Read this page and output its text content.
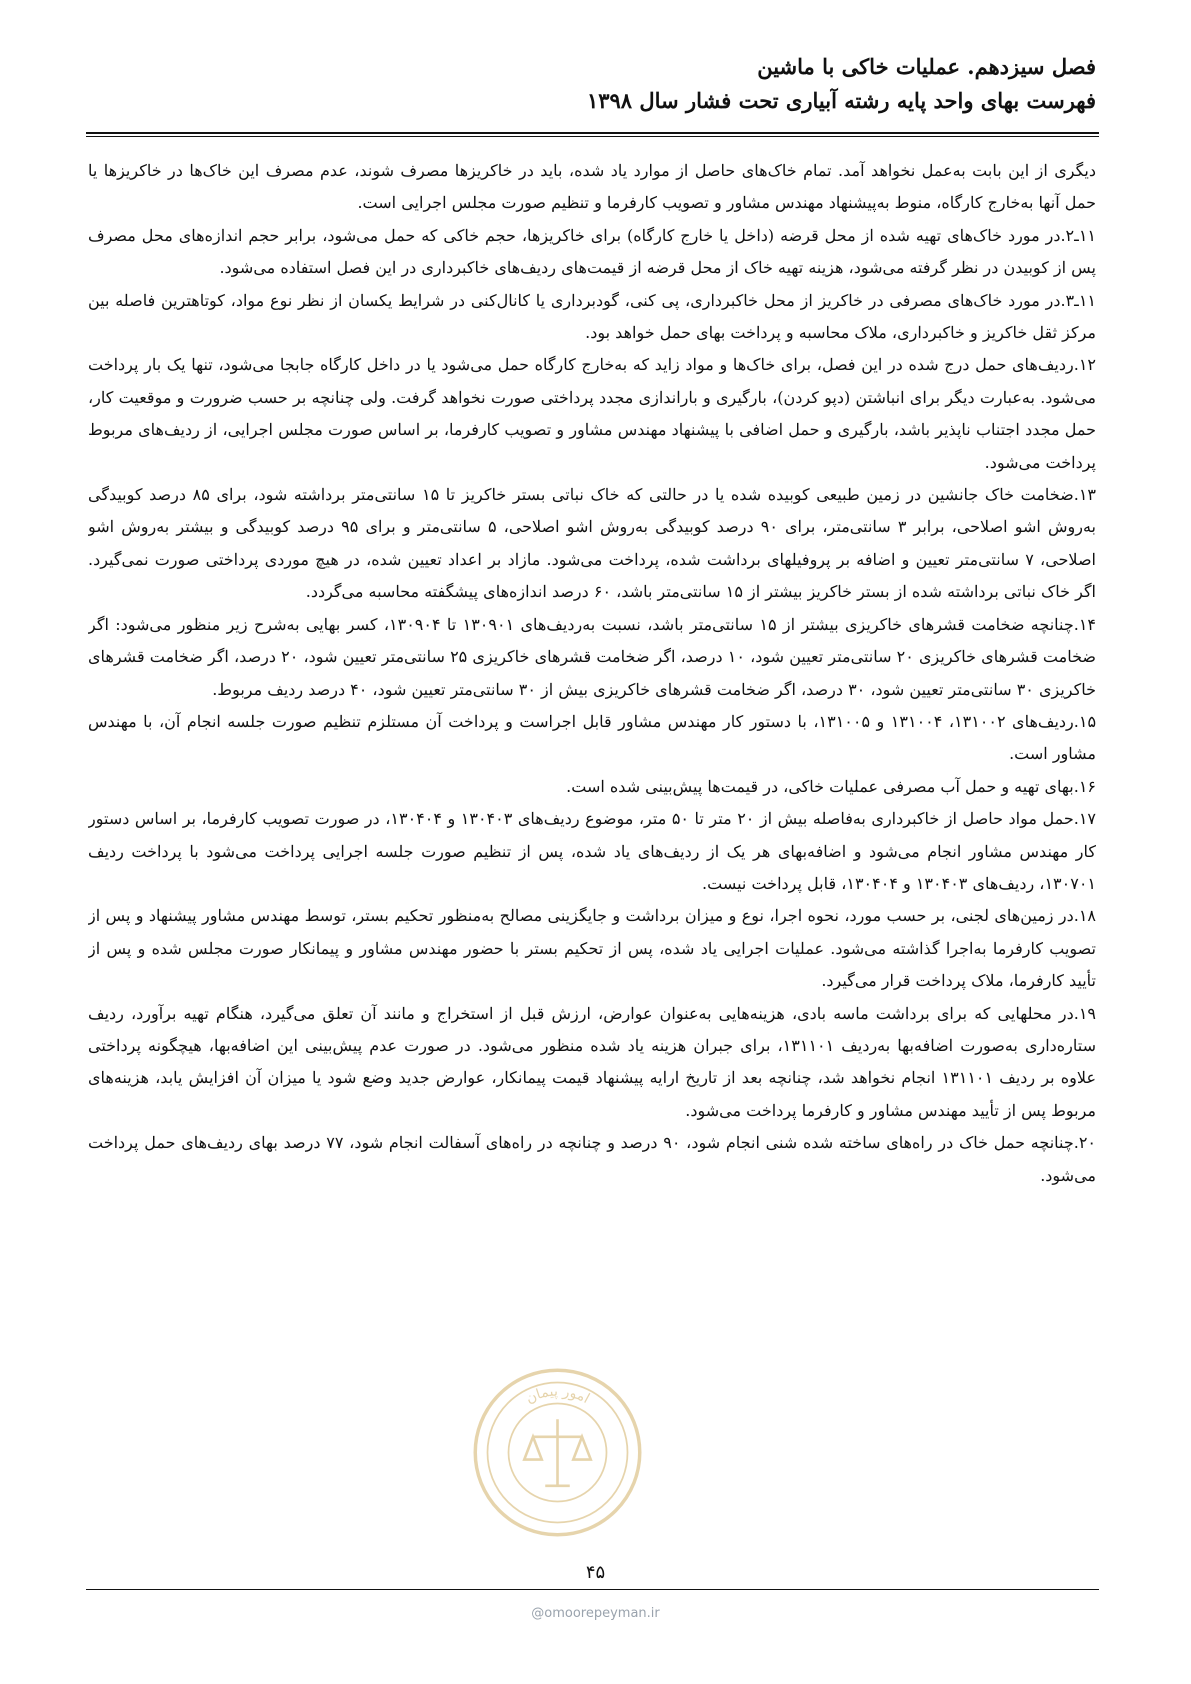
فصل سیزدهم. عملیات خاکی با ماشین

فهرست بهای واحد پایه رشته آبیاری تحت فشار سال ۱۳۹۸

دیگری از این بابت به‌عمل نخواهد آمد. تمام خاک‌های حاصل از موارد یاد شده، باید در خاکریزها مصرف شوند، عدم مصرف این خاک‌ها در خاکریزها یا حمل آنها به‌خارج کارگاه، منوط به‌پیشنهاد مهندس مشاور و تصویب کارفرما و تنظیم صورت مجلس اجرایی است.

۱۱ـ۲.در مورد خاک‌های تهیه شده از محل قرضه (داخل یا خارج کارگاه) برای خاکریزها، حجم خاکی که حمل می‌شود، برابر حجم اندازه‌های محل مصرف پس از کوبیدن در نظر گرفته می‌شود، هزینه تهیه خاک از محل قرضه از قیمت‌های ردیف‌های خاکبرداری در این فصل استفاده می‌شود.

۱۱ـ۳.در مورد خاک‌های مصرفی در خاکریز از محل خاکبرداری، پی کنی، گودبرداری یا کانال‌کنی در شرایط یکسان از نظر نوع مواد، کوتاهترین فاصله بین مرکز ثقل خاکریز و خاکبرداری، ملاک محاسبه و پرداخت بهای حمل خواهد بود.

۱۲.ردیف‌های حمل درج شده در این فصل، برای خاک‌ها و مواد زاید که به‌خارج کارگاه حمل می‌شود یا در داخل کارگاه جابجا می‌شود، تنها یک بار پرداخت می‌شود. به‌عبارت دیگر برای انباشتن (دپو کردن)، بارگیری و باراندازی مجدد پرداختی صورت نخواهد گرفت. ولی چنانچه بر حسب ضرورت و موقعیت کار، حمل مجدد اجتناب ناپذیر باشد، بارگیری و حمل اضافی با پیشنهاد مهندس مشاور و تصویب کارفرما، بر اساس صورت مجلس اجرایی، از ردیف‌های مربوط پرداخت می‌شود.

۱۳.ضخامت خاک جانشین در زمین طبیعی کوبیده شده یا در حالتی که خاک نباتی بستر خاکریز تا ۱۵ سانتی‌متر برداشته شود، برای ۸۵ درصد کوبیدگی به‌روش اشو اصلاحی، برابر ۳ سانتی‌متر، برای ۹۰ درصد کوبیدگی به‌روش اشو اصلاحی، ۵ سانتی‌متر و برای ۹۵ درصد کوبیدگی و بیشتر به‌روش اشو اصلاحی، ۷ سانتی‌متر تعیین و اضافه بر پروفیلهای برداشت شده، پرداخت می‌شود. مازاد بر اعداد تعیین شده، در هیچ موردی پرداختی صورت نمی‌گیرد. اگر خاک نباتی برداشته شده از بستر خاکریز بیشتر از ۱۵ سانتی‌متر باشد، ۶۰ درصد اندازه‌های پیشگفته محاسبه می‌گردد.

۱۴.چنانچه ضخامت قشرهای خاکریزی بیشتر از ۱۵ سانتی‌متر باشد، نسبت به‌ردیف‌های ۱۳۰۹۰۱ تا ۱۳۰۹۰۴، کسر بهایی به‌شرح زیر منظور می‌شود: اگر ضخامت قشرهای خاکریزی ۲۰ سانتی‌متر تعیین شود، ۱۰ درصد، اگر ضخامت قشرهای خاکریزی ۲۵ سانتی‌متر تعیین شود، ۲۰ درصد، اگر ضخامت قشرهای خاکریزی ۳۰ سانتی‌متر تعیین شود، ۳۰ درصد، اگر ضخامت قشرهای خاکریزی بیش از ۳۰ سانتی‌متر تعیین شود، ۴۰ درصد ردیف مربوط.

۱۵.ردیف‌های ۱۳۱۰۰۲، ۱۳۱۰۰۴ و ۱۳۱۰۰۵، با دستور کار مهندس مشاور قابل اجراست و پرداخت آن مستلزم تنظیم صورت جلسه انجام آن، با مهندس مشاور است.

۱۶.بهای تهیه و حمل آب مصرفی عملیات خاکی، در قیمت‌ها پیش‌بینی شده است.

۱۷.حمل مواد حاصل از خاکبرداری به‌فاصله بیش از ۲۰ متر تا ۵۰ متر، موضوع ردیف‌های ۱۳۰۴۰۳ و ۱۳۰۴۰۴، در صورت تصویب کارفرما، بر اساس دستور کار مهندس مشاور انجام می‌شود و اضافه‌بهای هر یک از ردیف‌های یاد شده، پس از تنظیم صورت جلسه اجرایی پرداخت می‌شود با پرداخت ردیف ۱۳۰۷۰۱، ردیف‌های ۱۳۰۴۰۳ و ۱۳۰۴۰۴، قابل پرداخت نیست.

۱۸.در زمین‌های لجنی، بر حسب مورد، نحوه اجرا، نوع و میزان برداشت و جایگزینی مصالح به‌منظور تحکیم بستر، توسط مهندس مشاور پیشنهاد و پس از تصویب کارفرما به‌اجرا گذاشته می‌شود. عملیات اجرایی یاد شده، پس از تحکیم بستر با حضور مهندس مشاور و پیمانکار صورت مجلس شده و پس از تأیید کارفرما، ملاک پرداخت قرار می‌گیرد.

۱۹.در محلهایی که برای برداشت ماسه بادی، هزینه‌هایی به‌عنوان عوارض، ارزش قبل از استخراج و مانند آن تعلق می‌گیرد، هنگام تهیه برآورد، ردیف ستاره‌داری به‌صورت اضافه‌بها به‌ردیف ۱۳۱۱۰۱، برای جبران هزینه یاد شده منظور می‌شود. در صورت عدم پیش‌بینی این اضافه‌بها، هیچگونه پرداختی علاوه بر ردیف ۱۳۱۱۰۱ انجام نخواهد شد، چنانچه بعد از تاریخ ارایه پیشنهاد قیمت پیمانکار، عوارض جدید وضع شود یا میزان آن افزایش یابد، هزینه‌های مربوط پس از تأیید مهندس مشاور و کارفرما پرداخت می‌شود.

۲۰.چنانچه حمل خاک در راه‌های ساخته شده شنی انجام شود، ۹۰ درصد و چنانچه در راه‌های آسفالت انجام شود، ۷۷ درصد بهای ردیف‌های حمل پرداخت می‌شود.

امور پیمان
۴۵
@omoorepeyman.ir
